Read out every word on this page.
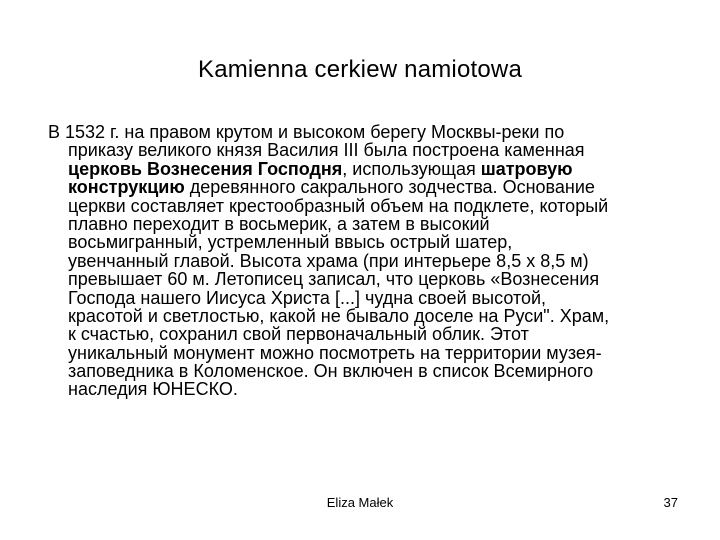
Kamienna cerkiew namiotowa
В 1532 г. на правом крутом и высоком берегу Москвы-реки по
приказу великого князя Василия III была построена каменная
церковь Вознесения Господня, использующая шатровую
конструкцию деревянного сакрального зодчества. Основание
церкви составляет крестообразный объем на подклете, который
плавно переходит в восьмерик, а затем в высокий
восьмигранный, устремленный ввысь острый шатер,
увенчанный главой. Высота храма (при интерьере 8,5 х 8,5 м)
превышает 60 м. Летописец записал, что церковь «Вознесения
Господа нашего Иисуса Христа [...] чудна своей высотой,
красотой и светлостью, какой не бывало доселе на Руси". Храм,
к счастью, сохранил свой первоначальный облик. Этот
уникальный монумент можно посмотреть на территории музея-
заповедника в Коломенское. Он включен в список Всемирного
наследия ЮНЕСКО.
Eliza Małek	37
